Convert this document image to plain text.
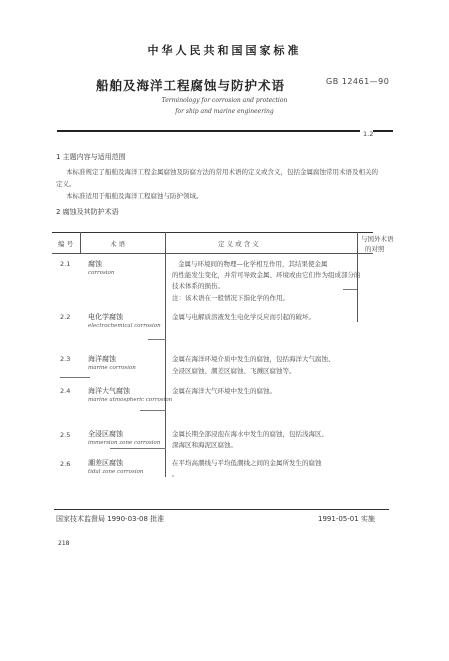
中华人民共和国国家标准
船舶及海洋工程腐蚀与防护术语	GB 12461—90
Terminology for corrosion and protection
for ship and marine engineering
1.2
1 主题内容与适用范围
本标准规定了船舶及海洋工程金属腐蚀及防腐方法的常用术语的定义或含义，包括金属腐蚀常用术语及相关的
定义。
本标准适用于船舶及海洋工程腐蚀与防护领域。
2 腐蚀及其防护术语
编 号	术 语	定 义 或 含 义
与国外术语
的对照
2.1	腐蚀
corrosion
金属与环境间的物理—化学相互作用，其结果使金属
的性能发生变化，并常可导致金属、环境或由它们作为组成部分的
技术体系的损伤。
注：该术语在一般情况下指化学的作用。
2.2	电化学腐蚀
electrochemical corrosion
金属与电解质溶液发生电化学反应而引起的破坏。
2.3	海洋腐蚀
marine corrosion
金属在海洋环境介质中发生的腐蚀，包括海洋大气腐蚀、
全浸区腐蚀、潮差区腐蚀、飞溅区腐蚀等。
2.4	海洋大气腐蚀
marine atmospheric corrosion
金属在海洋大气环境中发生的腐蚀。
2.5	全浸区腐蚀
immersion zone corrosion
金属长期全部浸泡在海水中发生的腐蚀，包括浅海区、
深海区和海泥区腐蚀。
2.6	潮差区腐蚀
tidal zone corrosion
在平均高潮线与平均低潮线之间的金属所发生的腐蚀
。
国家技术监督局 1990-03-08 批准	1991-05-01 实施
218
